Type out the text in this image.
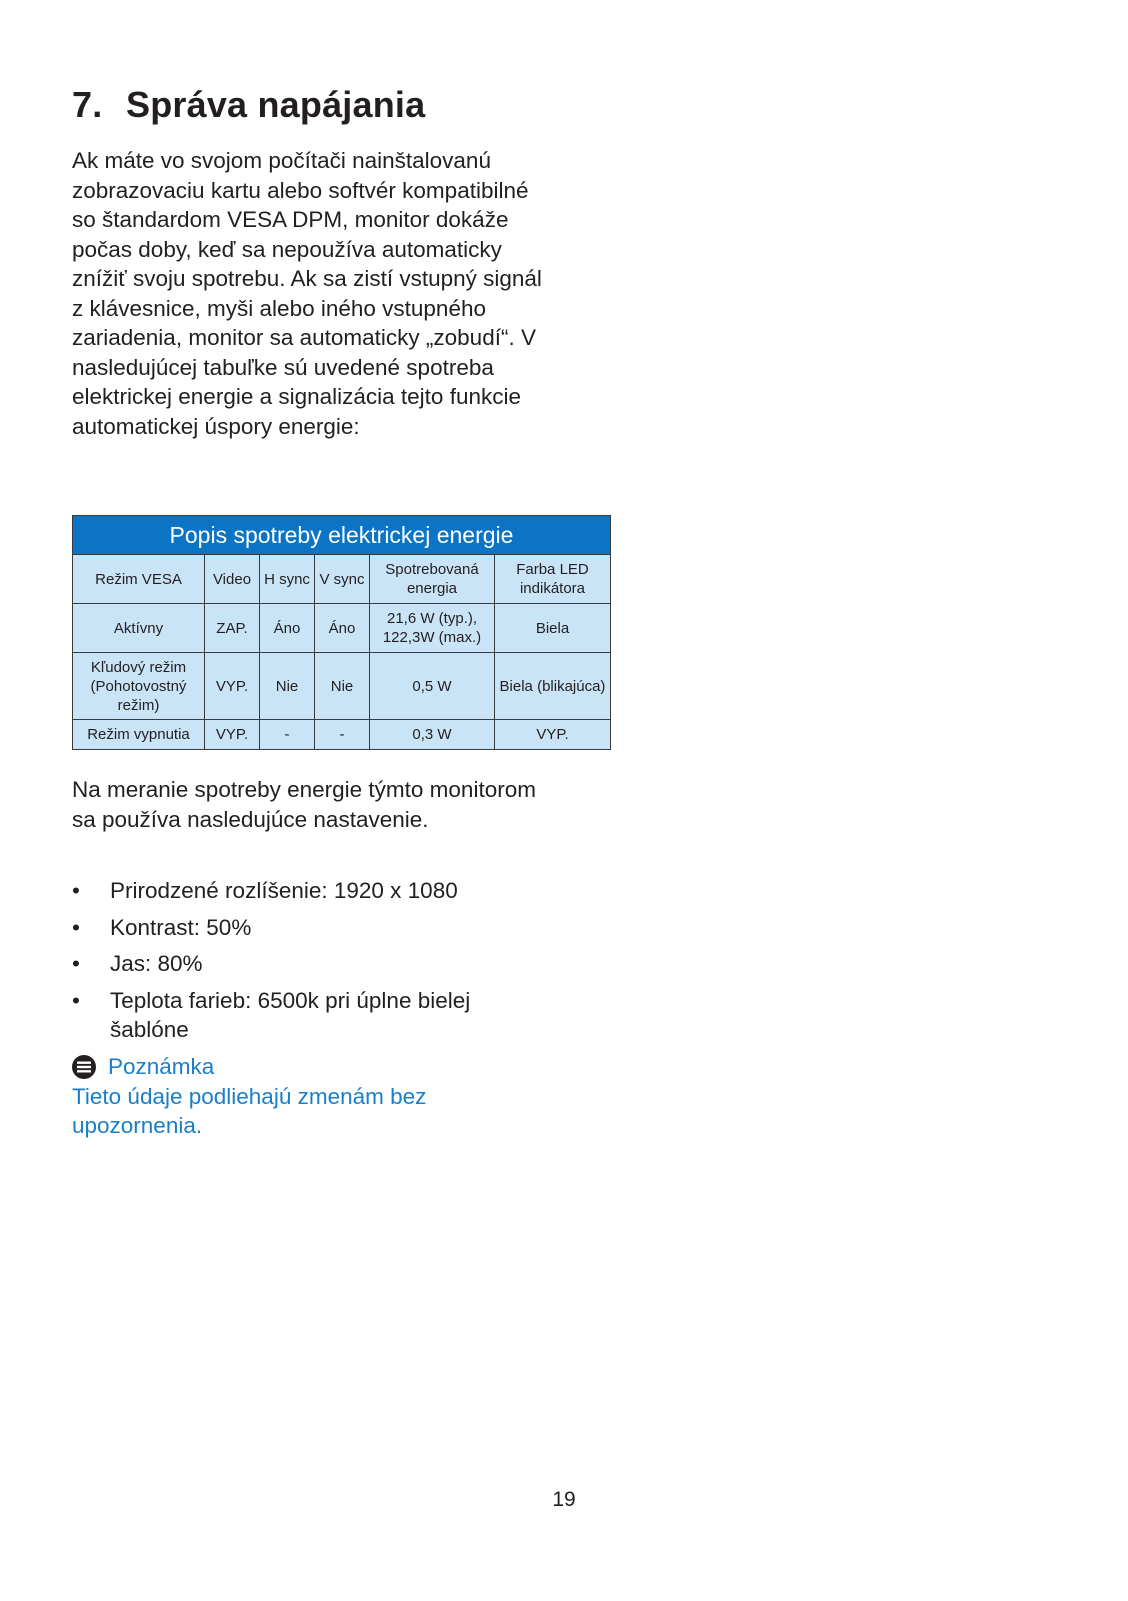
7. Správa napájania

Ak máte vo svojom počítači nainštalovanú zobrazovaciu kartu alebo softvér kompatibilné so štandardom VESA DPM, monitor dokáže počas doby, keď sa nepoužíva automaticky znížiť svoju spotrebu. Ak sa zistí vstupný signál z klávesnice, myši alebo iného vstupného zariadenia, monitor sa automaticky „zobudí“. V nasledujúcej tabuľke sú uvedené spotreba elektrickej energie a signalizácia tejto funkcie automatickej úspory energie:

Popis spotreby elektrickej energie					
Režim VESA	Video	H sync	V sync	Spotrebovaná energia	Farba LED indikátora
Aktívny	ZAP.	Áno	Áno	21,6 W (typ.), 122,3W (max.)	Biela
Kľudový režim (Pohotovostný režim)	VYP.	Nie	Nie	0,5 W	Biela (blikajúca)
Režim vypnutia	VYP.	-	-	0,3 W	VYP.

Na meranie spotreby energie týmto monitorom sa používa nasledujúce nastavenie.

• Prirodzené rozlíšenie: 1920 x 1080
• Kontrast: 50%
• Jas: 80%
• Teplota farieb: 6500k pri úplne bielej šablóne
Poznámka
Tieto údaje podliehajú zmenám bez upozornenia.
19
